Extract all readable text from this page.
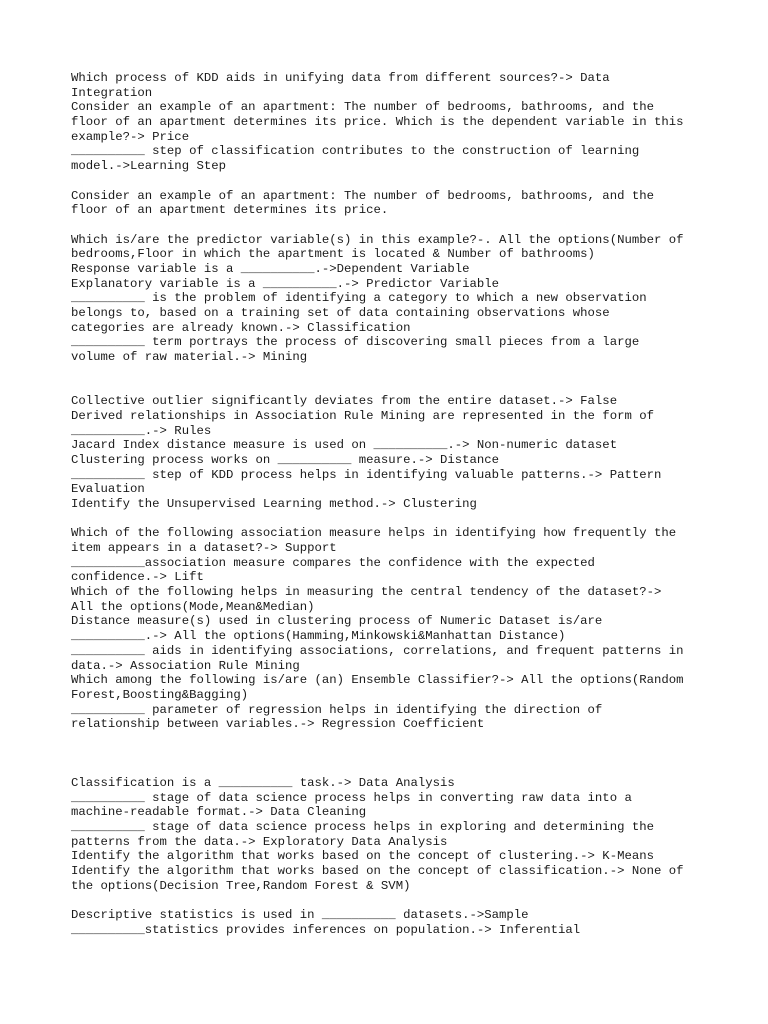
Which process of KDD aids in unifying data from different sources?-> Data
Integration
Consider an example of an apartment: The number of bedrooms, bathrooms, and the
floor of an apartment determines its price. Which is the dependent variable in this
example?-> Price
__________ step of classification contributes to the construction of learning
model.->Learning Step
Consider an example of an apartment: The number of bedrooms, bathrooms, and the
floor of an apartment determines its price.
Which is/are the predictor variable(s) in this example?-. All the options(Number of
bedrooms,Floor in which the apartment is located & Number of bathrooms)
Response variable is a __________.->Dependent Variable
Explanatory variable is a __________.-> Predictor Variable
__________ is the problem of identifying a category to which a new observation
belongs to, based on a training set of data containing observations whose
categories are already known.-> Classification
__________ term portrays the process of discovering small pieces from a large
volume of raw material.-> Mining
Collective outlier significantly deviates from the entire dataset.-> False
Derived relationships in Association Rule Mining are represented in the form of
__________.-> Rules
Jacard Index distance measure is used on __________.-> Non-numeric dataset
Clustering process works on __________ measure.-> Distance
__________ step of KDD process helps in identifying valuable patterns.-> Pattern
Evaluation
Identify the Unsupervised Learning method.-> Clustering
Which of the following association measure helps in identifying how frequently the
item appears in a dataset?-> Support
__________association measure compares the confidence with the expected
confidence.-> Lift
Which of the following helps in measuring the central tendency of the dataset?->
All the options(Mode,Mean&Median)
Distance measure(s) used in clustering process of Numeric Dataset is/are
__________.-> All the options(Hamming,Minkowski&Manhattan Distance)
__________ aids in identifying associations, correlations, and frequent patterns in
data.-> Association Rule Mining
Which among the following is/are (an) Ensemble Classifier?-> All the options(Random
Forest,Boosting&Bagging)
__________ parameter of regression helps in identifying the direction of
relationship between variables.-> Regression Coefficient
Classification is a __________ task.-> Data Analysis
__________ stage of data science process helps in converting raw data into a
machine-readable format.-> Data Cleaning
__________ stage of data science process helps in exploring and determining the
patterns from the data.-> Exploratory Data Analysis
Identify the algorithm that works based on the concept of clustering.-> K-Means
Identify the algorithm that works based on the concept of classification.-> None of
the options(Decision Tree,Random Forest & SVM)
Descriptive statistics is used in __________ datasets.->Sample
__________statistics provides inferences on population.-> Inferential
